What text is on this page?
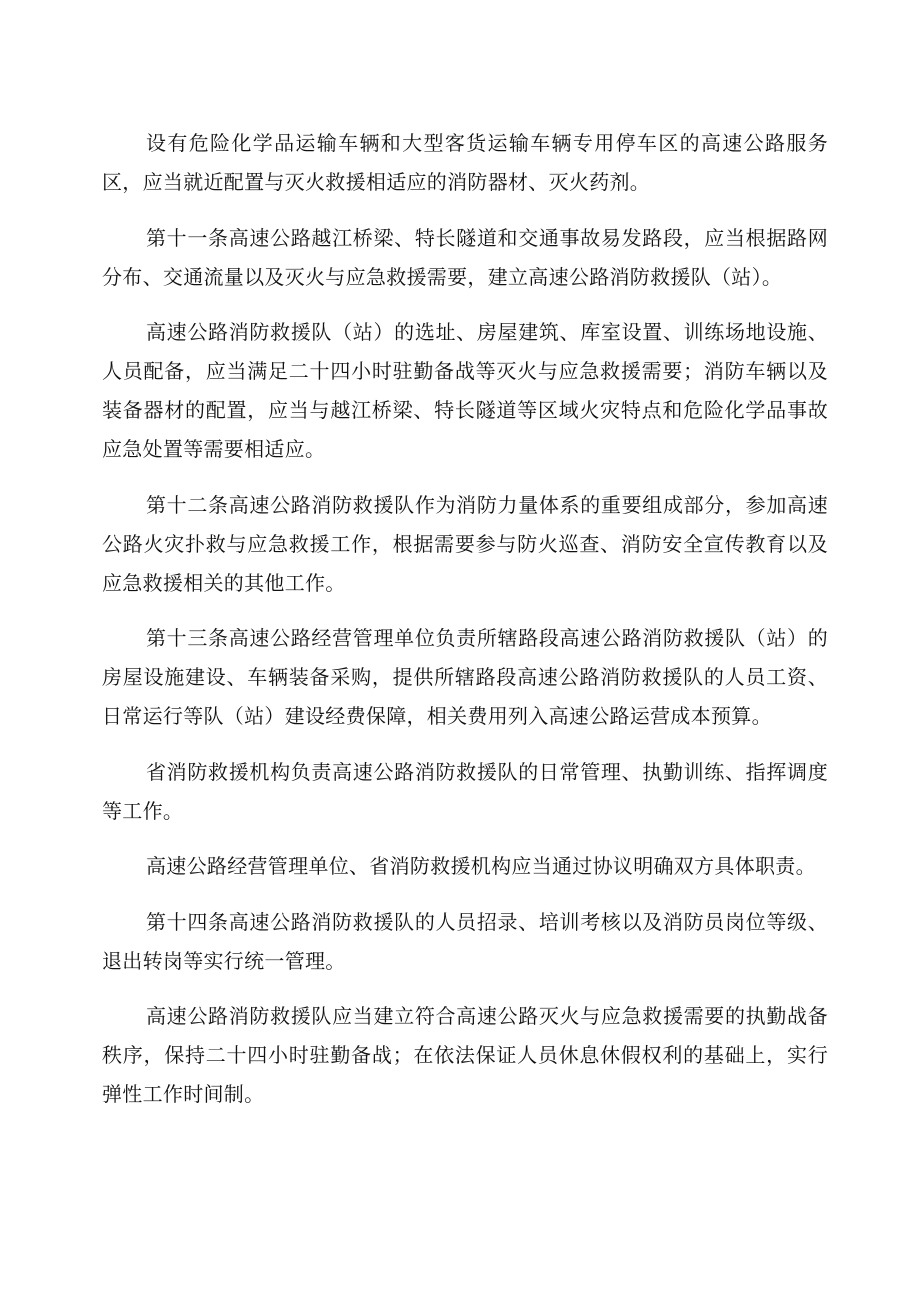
设有危险化学品运输车辆和大型客货运输车辆专用停车区的高速公路服务区，应当就近配置与灭火救援相适应的消防器材、灭火药剂。

第十一条高速公路越江桥梁、特长隧道和交通事故易发路段，应当根据路网分布、交通流量以及灭火与应急救援需要，建立高速公路消防救援队（站）。

高速公路消防救援队（站）的选址、房屋建筑、库室设置、训练场地设施、人员配备，应当满足二十四小时驻勤备战等灭火与应急救援需要；消防车辆以及装备器材的配置，应当与越江桥梁、特长隧道等区域火灾特点和危险化学品事故应急处置等需要相适应。

第十二条高速公路消防救援队作为消防力量体系的重要组成部分，参加高速公路火灾扑救与应急救援工作，根据需要参与防火巡查、消防安全宣传教育以及应急救援相关的其他工作。

第十三条高速公路经营管理单位负责所辖路段高速公路消防救援队（站）的房屋设施建设、车辆装备采购，提供所辖路段高速公路消防救援队的人员工资、日常运行等队（站）建设经费保障，相关费用列入高速公路运营成本预算。

省消防救援机构负责高速公路消防救援队的日常管理、执勤训练、指挥调度等工作。

高速公路经营管理单位、省消防救援机构应当通过协议明确双方具体职责。

第十四条高速公路消防救援队的人员招录、培训考核以及消防员岗位等级、退出转岗等实行统一管理。

高速公路消防救援队应当建立符合高速公路灭火与应急救援需要的执勤战备秩序，保持二十四小时驻勤备战；在依法保证人员休息休假权利的基础上，实行弹性工作时间制。
